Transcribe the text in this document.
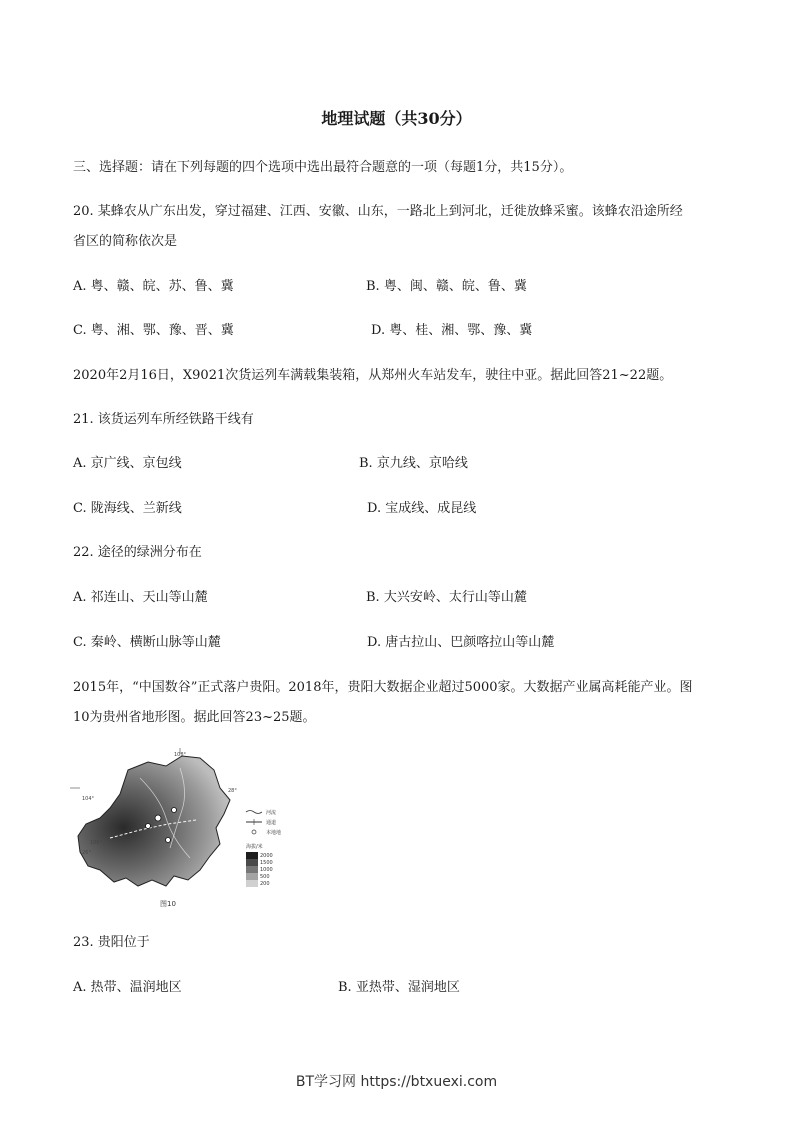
地理试题（共30分）
三、选择题：请在下列每题的四个选项中选出最符合题意的一项（每题1分，共15分）。
20. 某蜂农从广东出发，穿过福建、江西、安徽、山东，一路北上到河北，迁徙放蜂采蜜。该蜂农沿途所经
省区的简称依次是
A. 粤、赣、皖、苏、鲁、冀	B. 粤、闽、赣、皖、鲁、冀
C. 粤、湘、鄂、豫、晋、冀	D. 粤、桂、湘、鄂、豫、冀
2020年2月16日，X9021次货运列车满载集装箱，从郑州火车站发车，驶往中亚。据此回答21~22题。
21. 该货运列车所经铁路干线有
A. 京广线、京包线	B. 京九线、京哈线
C. 陇海线、兰新线	D. 宝成线、成昆线
22. 途径的绿洲分布在
A. 祁连山、天山等山麓	B. 大兴安岭、太行山等山麓
C. 秦岭、横断山脉等山麓	D. 唐古拉山、巴颜喀拉山等山麓
2015年，“中国数谷”正式落户贵阳。2018年，贵阳大数据企业超过5000家。大数据产业属高耗能产业。图
10为贵州省地形图。据此回答23~25题。
108°
104°
106°
28°
26°
河流
通道
本地地
海拔/米
2000
1500
1000
500
200
图10
23. 贵阳位于
A. 热带、温润地区	B. 亚热带、湿润地区
BT学习网 https://btxuexi.com
